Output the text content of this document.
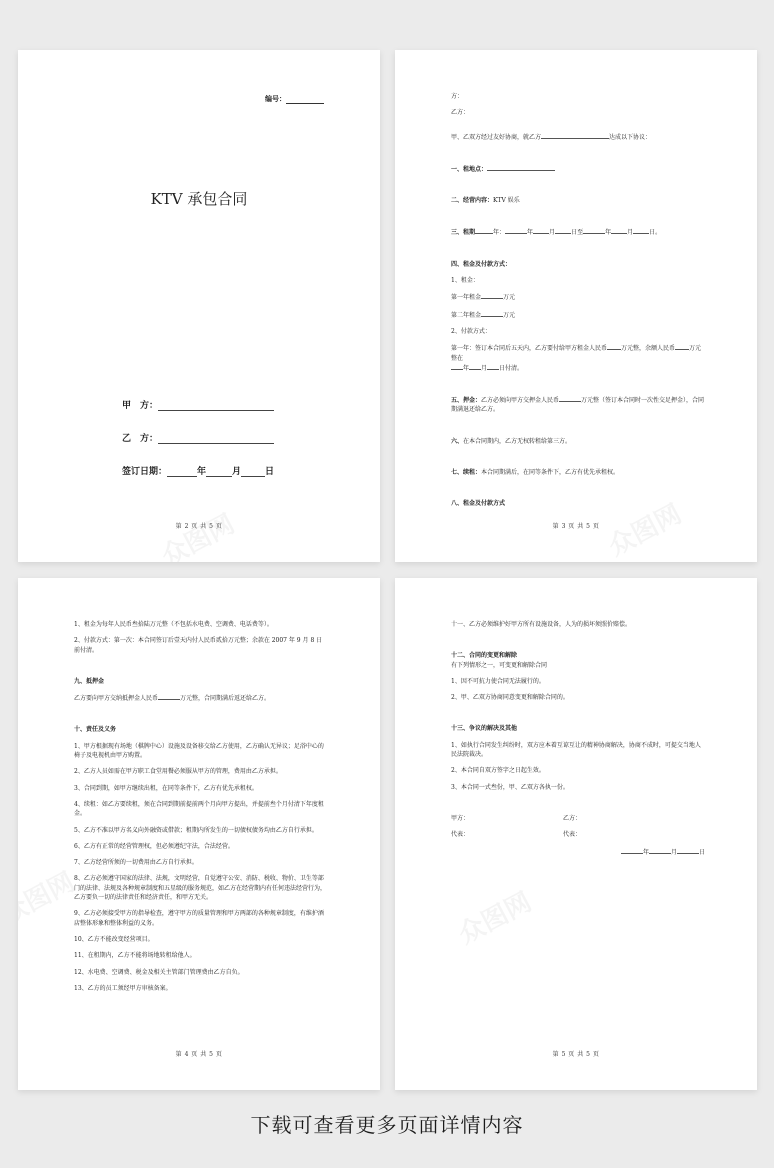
编号：
KTV 承包合同
甲　方：
乙　方：
签订日期：	年	月	日
第 2 页 共 5 页

方：

乙方：

甲、乙双方经过友好协商，就乙方	达成以下协议：

一、租地点：

二、经营内容：KTV 娱乐

三、租期	年：	年	月	日至	年	月	日。

四、租金及付款方式：

1、租金：

第一年租金	万元

第二年租金	万元

2、付款方式：

第一年：签订本合同后五天内，乙方要付给甲方租金人民币 万元整，余额人民币 万元整在
年 月 日付清。

五、押金：乙方必须向甲方交押金人民币	万元整（签订本合同时一次性交足押金），合同期满退还给乙方。

六、在本合同期内，乙方无权转租给第三方。

七、续租：本合同期满后，在同等条件下，乙方有优先承租权。

八、租金及付款方式

第 3 页 共 5 页

1、租金为每年人民币叁拾陆万元整（不包括水电费、空调费、电话费等）。

2、付款方式：第一次：本合同签订后壹天内付人民币贰拾万元整；余款在 2007 年 9 月 8 日前付清。

九、抵押金

乙方要向甲方交纳抵押金人民币	万元整，合同期满后返还给乙方。

十、责任及义务

1、甲方根据现有场地（棋牌中心）设施及设备移交给乙方使用，乙方确认无异议；足浴中心的椅子及电视机由甲方购置。

2、乙方人员如需在甲方职工食堂用餐必须服从甲方的管理，费用由乙方承担。

3、合同到期，如甲方继续出租，在同等条件下，乙方有优先承租权。

4、续租：如乙方要续租，须在合同到期前提前两个月向甲方提出，并提前叁个月付清下年度租金。

5、乙方不准以甲方名义向外融资或借款；租期内所发生的一切债权债务均由乙方自行承担。

6、乙方有正常的经营管理权，但必须遵纪守法，合法经营。

7、乙方经营所须的一切费用由乙方自行承担。

8、乙方必须遵守国家的法律、法规，文明经营，自觉遵守公安、消防、税收、物价、卫生等部门的法律、法规及各种规章制度和五星级的服务规范，如乙方在经营期内有任何违法经营行为，乙方要负一切的法律责任和经济责任，和甲方无关。

9、乙方必须接受甲方的指导检查，遵守甲方的质量管理和甲方两部的各种规章制度，有维护酒店整体形象和整体利益的义务。

10、乙方不能改变经营项目。

11、在租期内，乙方不能将场地转租给他人。

12、水电费、空调费、税金及相关主管部门管理费由乙方自负。

13、乙方的员工须经甲方审核备案。

第 4 页 共 5 页

十一、乙方必须维护好甲方所有设施设备，人为的损坏须照价赔偿。

十二、合同的变更和解除

有下列情形之一，可变更和解除合同

1、因不可抗力使合同无法履行的。

2、甲、乙双方协商同意变更和解除合同的。

十三、争议的解决及其他

1、如执行合同发生纠纷时，双方应本着互谅互让的精神协商解决，协商不成时，可提交当地人民法院裁决。

2、本合同自双方签字之日起生效。

3、本合同一式叁份，甲、乙双方各执一份。

甲方：	乙方：
代表：	代表：

年	月	日

第 5 页 共 5 页
下载可查看更多页面详情内容
